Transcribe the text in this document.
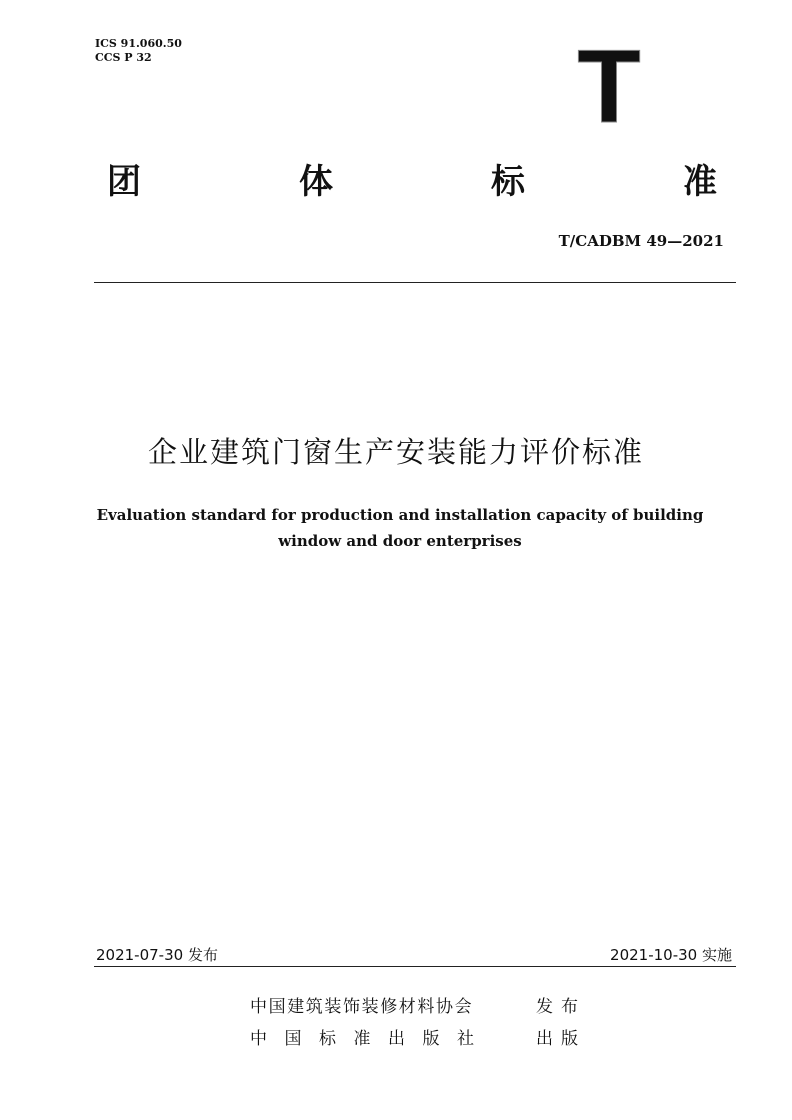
ICS 91.060.50
CCS P 32	T
团	体	标	准
T/CADBM 49—2021
企业建筑门窗生产安装能力评价标准
Evaluation standard for production and installation capacity of building
window and door enterprises
2021-07-30 发布	2021-10-30 实施
中国建筑装饰装修材料协会	发布
中国标准出版社	出版
